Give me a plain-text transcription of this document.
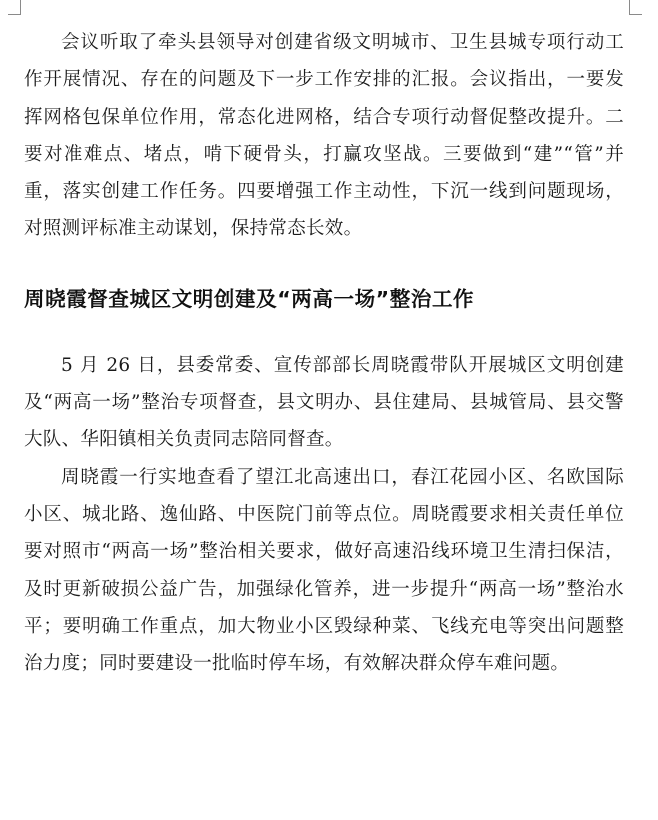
会议听取了牵头县领导对创建省级文明城市、卫生县城专项行动工作开展情况、存在的问题及下一步工作安排的汇报。会议指出，一要发挥网格包保单位作用，常态化进网格，结合专项行动督促整改提升。二要对准难点、堵点，啃下硬骨头，打赢攻坚战。三要做到“建”“管”并重，落实创建工作任务。四要增强工作主动性，下沉一线到问题现场，对照测评标准主动谋划，保持常态长效。

周晓霞督查城区文明创建及“两高一场”整治工作

5 月 26 日，县委常委、宣传部部长周晓霞带队开展城区文明创建及“两高一场”整治专项督查，县文明办、县住建局、县城管局、县交警大队、华阳镇相关负责同志陪同督查。

周晓霞一行实地查看了望江北高速出口，春江花园小区、名欧国际小区、城北路、逸仙路、中医院门前等点位。周晓霞要求相关责任单位要对照市“两高一场”整治相关要求，做好高速沿线环境卫生清扫保洁，及时更新破损公益广告，加强绿化管养，进一步提升“两高一场”整治水平；要明确工作重点，加大物业小区毁绿种菜、飞线充电等突出问题整治力度；同时要建设一批临时停车场，有效解决群众停车难问题。
